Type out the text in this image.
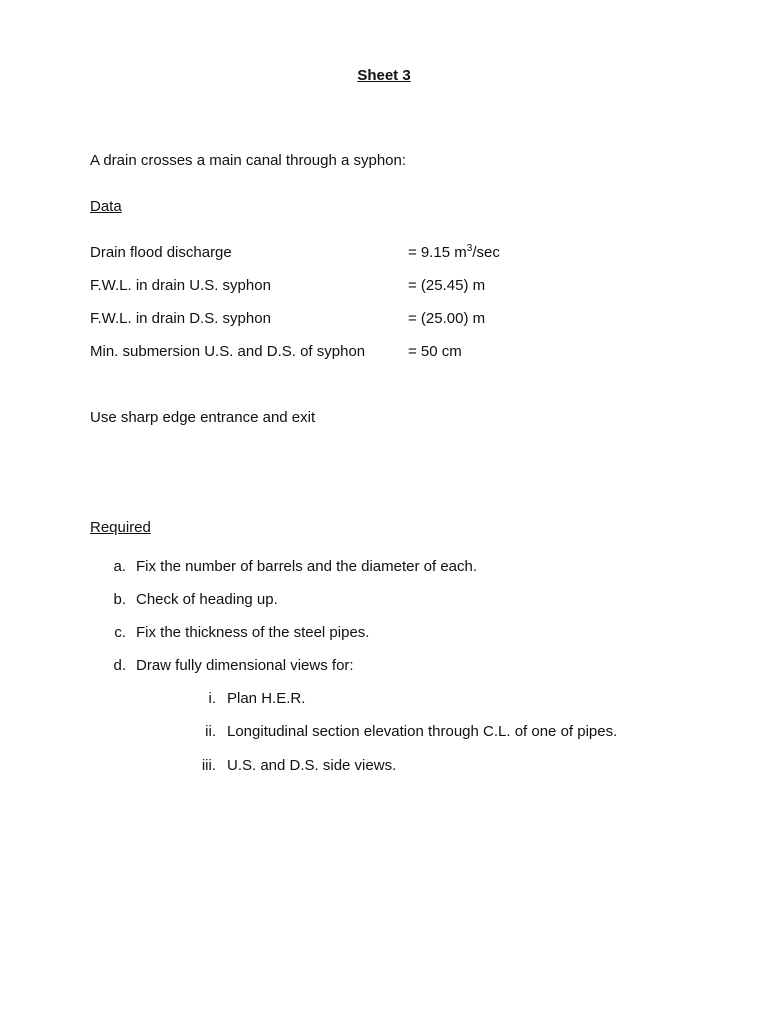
Sheet 3
A drain crosses a main canal through a syphon:
Data
Drain flood discharge	= 9.15 $m^3/\sec$
F.W.L. in drain U.S. syphon	= (25.45) m
F.W.L. in drain D.S. syphon	= (25.00) m
Min. submersion U.S. and D.S. of syphon	= 50 cm
Use sharp edge entrance and exit
Required
a. Fix the number of barrels and the diameter of each.
b. Check of heading up.
c. Fix the thickness of the steel pipes.
d. Draw fully dimensional views for:
i. Plan H.E.R.
ii. Longitudinal section elevation through C.L. of one of pipes.
iii. U.S. and D.S. side views.
